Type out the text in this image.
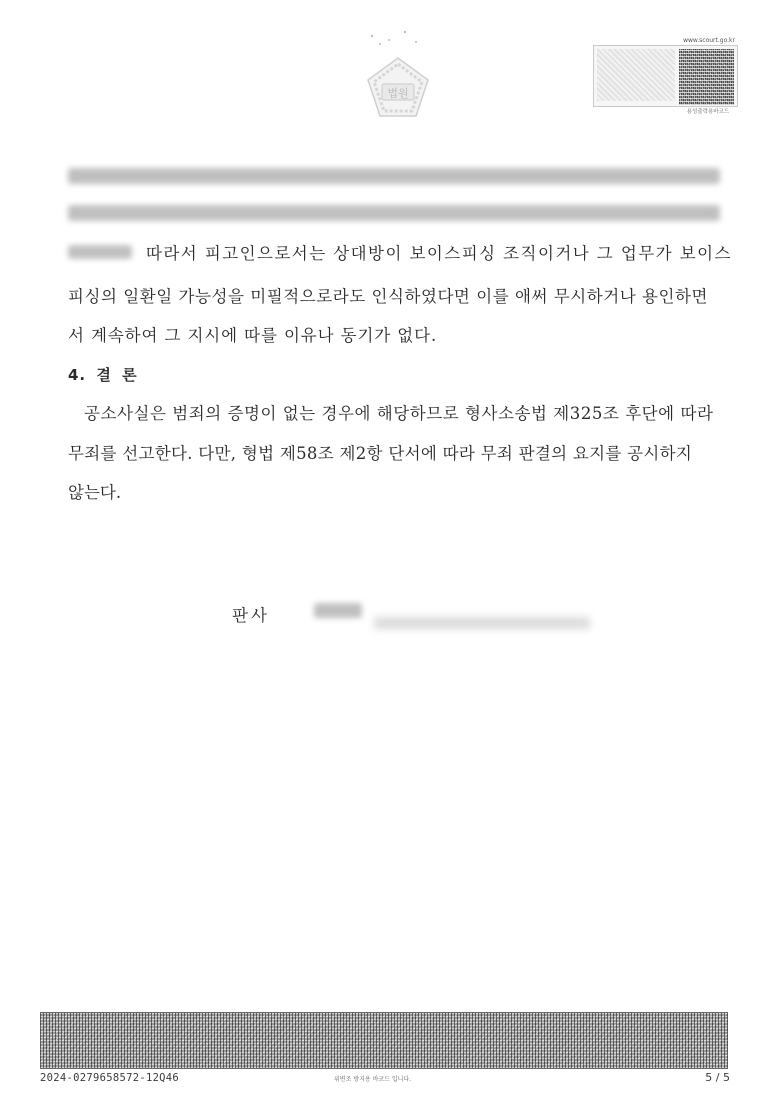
법원
www.scourt.go.kr
용성출력용바코드
따라서 피고인으로서는 상대방이 보이스피싱 조직이거나 그 업무가 보이스
피싱의 일환일 가능성을 미필적으로라도 인식하였다면 이를 애써 무시하거나 용인하면
서 계속하여 그 지시에 따를 이유나 동기가 없다.
4. 결 론
공소사실은 범죄의 증명이 없는 경우에 해당하므로 형사소송법 제325조 후단에 따라
무죄를 선고한다. 다만, 형법 제58조 제2항 단서에 따라 무죄 판결의 요지를 공시하지
않는다.
판사
2024-0279658572-12Q46	위변조 방지용 바코드 입니다.	5 / 5
